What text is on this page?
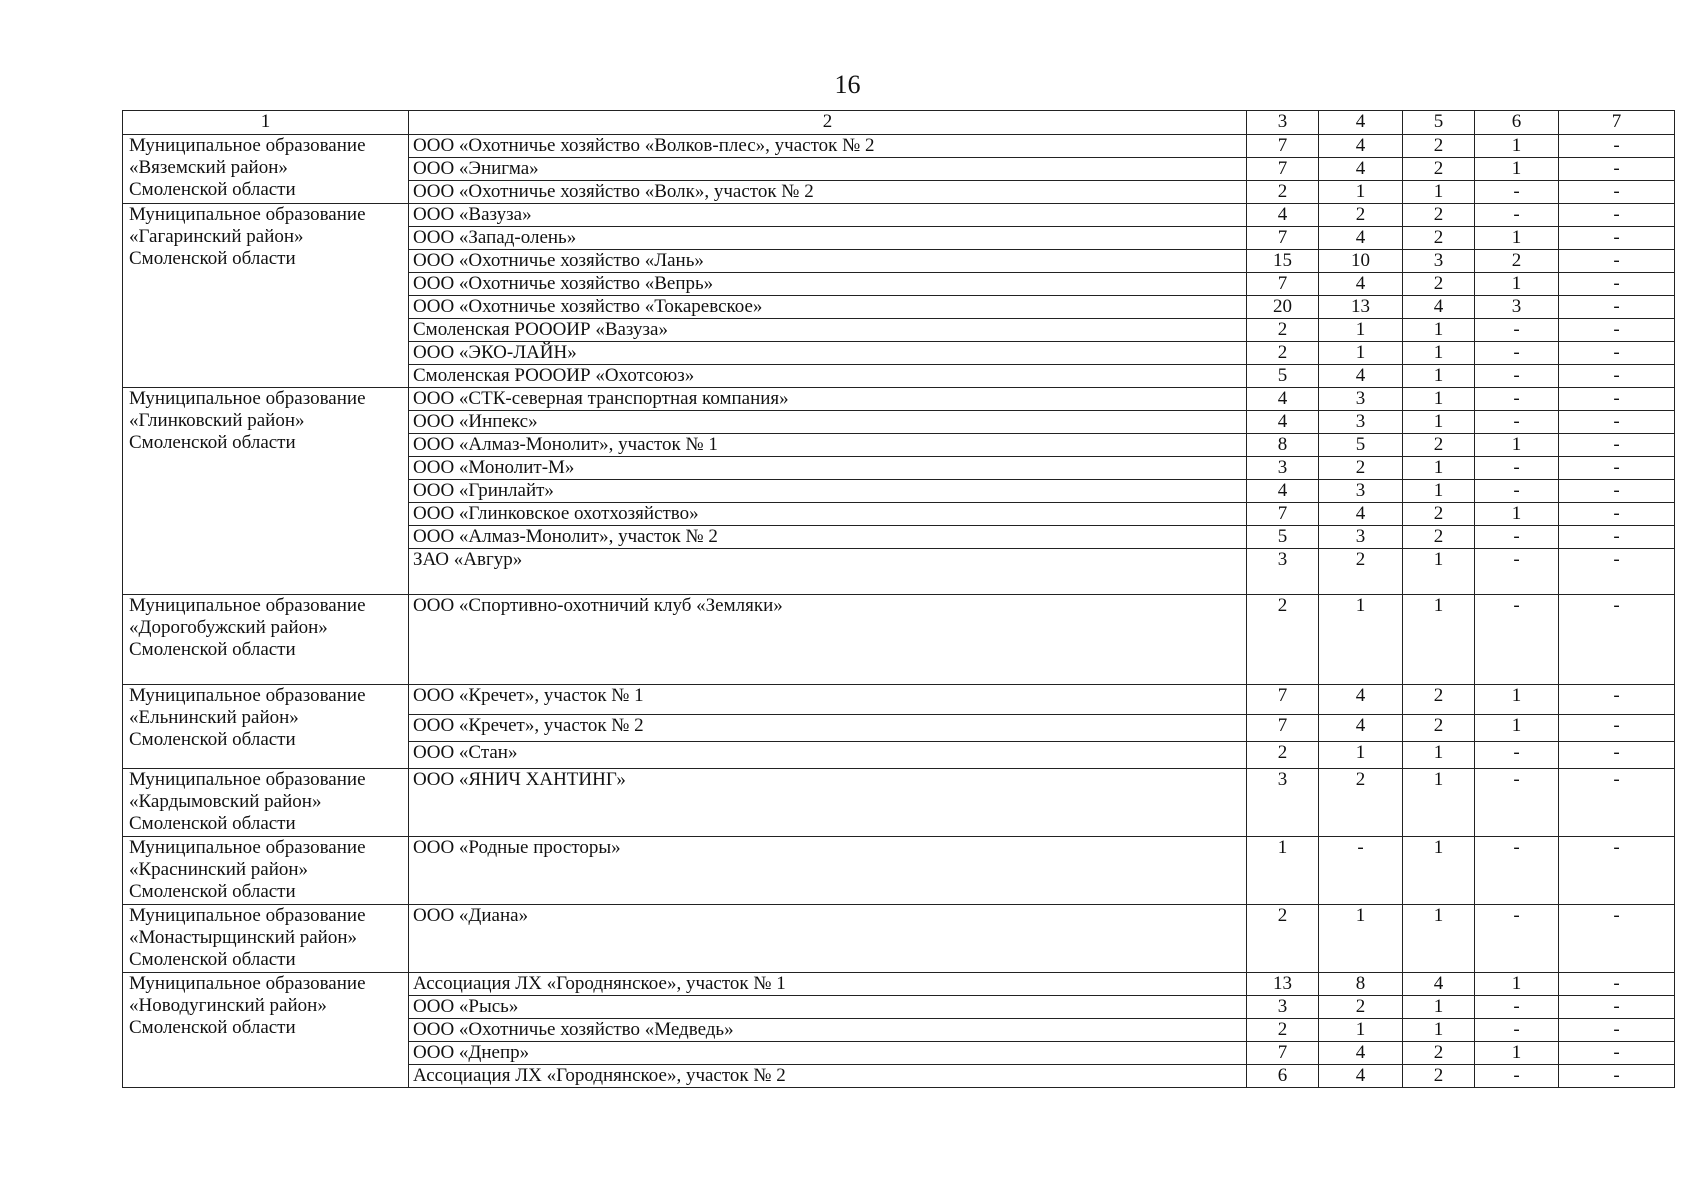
16
1	2	3	4	5	6	7

Муниципальное образование
«Вяземский район»
Смоленской области	ООО «Охотничье хозяйство «Волков-плес», участок № 2	7	4	2	1	-
	ООО «Энигма»	7	4	2	1	-
	ООО «Охотничье хозяйство «Волк», участок № 2	2	1	1	-	-

Муниципальное образование
«Гагаринский район»
Смоленской области	ООО «Вазуза»	4	2	2	-	-
	ООО «Запад-олень»	7	4	2	1	-
	ООО «Охотничье хозяйство «Лань»	15	10	3	2	-
	ООО «Охотничье хозяйство «Вепрь»	7	4	2	1	-
	ООО «Охотничье хозяйство «Токаревское»	20	13	4	3	-
	Смоленская РОООИР «Вазуза»	2	1	1	-	-
	ООО «ЭКО-ЛАЙН»	2	1	1	-	-
	Смоленская РОООИР «Охотсоюз»	5	4	1	-	-

Муниципальное образование
«Глинковский район»
Смоленской области	ООО «СТК-северная транспортная компания»	4	3	1	-	-
	ООО «Инпекс»	4	3	1	-	-
	ООО «Алмаз-Монолит», участок № 1	8	5	2	1	-
	ООО «Монолит-М»	3	2	1	-	-
	ООО «Гринлайт»	4	3	1	-	-
	ООО «Глинковское охотхозяйство»	7	4	2	1	-
	ООО «Алмаз-Монолит», участок № 2	5	3	2	-	-
	ЗАО «Авгур»	3	2	1	-	-

Муниципальное образование
«Дорогобужский район»
Смоленской области	ООО «Спортивно-охотничий клуб «Земляки»	2	1	1	-	-

Муниципальное образование
«Ельнинский район»
Смоленской области	ООО «Кречет», участок № 1	7	4	2	1	-
	ООО «Кречет», участок № 2	7	4	2	1	-
	ООО «Стан»	2	1	1	-	-

Муниципальное образование
«Кардымовский район»
Смоленской области	ООО «ЯНИЧ ХАНТИНГ»	3	2	1	-	-

Муниципальное образование
«Краснинский район»
Смоленской области	ООО «Родные просторы»	1	-	1	-	-

Муниципальное образование
«Монастырщинский район»
Смоленской области	ООО «Диана»	2	1	1	-	-

Муниципальное образование
«Новодугинский район»
Смоленской области	Ассоциация ЛХ «Городнянское», участок № 1	13	8	4	1	-
	ООО «Рысь»	3	2	1	-	-
	ООО «Охотничье хозяйство «Медведь»	2	1	1	-	-
	ООО «Днепр»	7	4	2	1	-
	Ассоциация ЛХ «Городнянское», участок № 2	6	4	2	-	-
